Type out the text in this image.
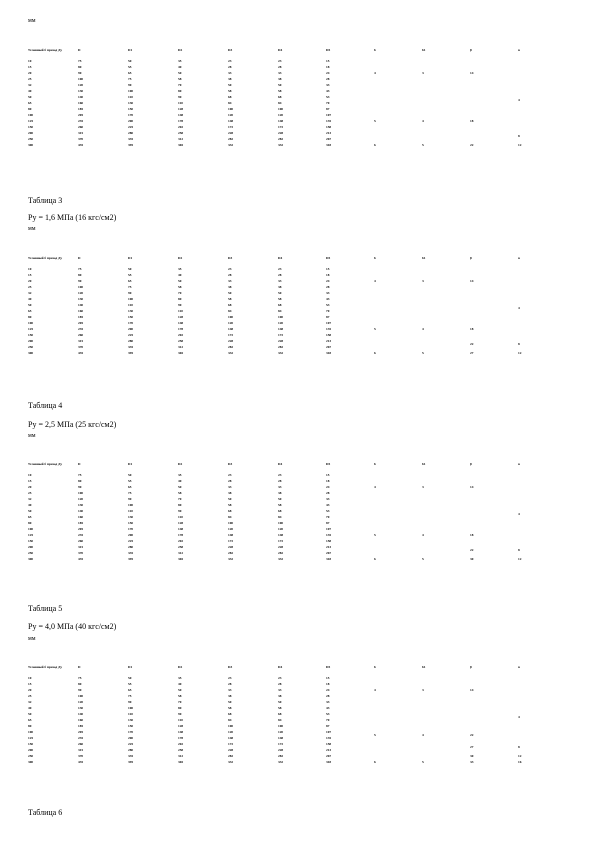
мм
Условный б проход Ду	D	D1	D2	D3	D4	D5	b	b1	β	n
10	75	50	35	23	23	15	4	3	14	
15	80	55	40	28	28	18				
20	90	65	50	33	33	24				
25	100	75	58	38	38	28				
32	120	90	70	50	50	33				
40	130	100	80	58	58	43				4
50	140	110	90	68	68	53				
65	160	130	110	84	84	70				
80	185	150	128	100	100	87				
100	205	170	148	120	120	107	5	4	18	
125	235	200	178	148	148	135				
150	260	225	202	172	172	158				
200	315	280	258	228	228	213				8
250	370	335	312	282	282	267				
300	435	395	365	332	332	318	6	5	22	12
Таблица 3
Ру = 1,6 МПа (16 кгс/см2)
мм
Условный б проход Ду	D	D1	D2	D3	D4	D5	b	b1	β	n
10	75	50	35	23	23	15	4	3	14	
15	80	55	40	28	28	18				
20	90	65	50	33	33	24				
25	100	75	58	38	38	28				
32	120	90	70	50	50	33				
40	130	100	80	58	58	43				4
50	140	110	90	68	68	53				
65	160	130	110	84	84	70				
80	185	150	128	100	100	87				
100	205	170	148	120	120	107	5	4	18	
125	235	200	178	148	148	135				
150	260	225	202	172	172	158				
200	315	280	258	228	228	213			22	8
250	370	335	312	282	282	267				
300	435	395	365	332	332	318	6	5	27	12
Таблица 4
Ру = 2,5 МПа (25 кгс/см2)
мм
Условный б проход Ду	D	D1	D2	D3	D4	D5	b	b1	β	n
10	75	50	35	23	23	15	4	3	14	
15	80	55	40	28	28	18				
20	90	65	50	33	33	24				
25	100	75	58	38	38	28				
32	120	90	70	50	50	33				
40	130	100	80	58	58	43				4
50	140	110	90	68	68	53				
65	160	130	110	84	84	70				
80	185	150	128	100	100	87				
100	205	170	148	120	120	107	5	4	18	
125	235	200	178	148	148	135				
150	260	225	202	172	172	158				
200	315	280	258	228	228	213			22	8
250	370	335	312	282	282	267				
300	435	395	365	332	332	318	6	5	30	12
Таблица 5
Ру = 4,0 МПа (40 кгс/см2)
мм
Условный б проход Ду	D	D1	D2	D3	D4	D5	b	b1	β	n
10	75	50	35	23	23	15	4	3	14	
15	80	55	40	28	28	18				
20	90	65	50	33	33	24				
25	100	75	58	38	38	28				
32	120	90	70	50	50	33				
40	130	100	80	58	58	43				4
50	140	110	90	68	68	53				
65	160	130	110	84	84	70				
80	185	150	128	100	100	87				
100	205	170	148	120	120	107	5	4	22	
125	235	200	178	148	148	135				
150	260	225	202	172	172	158			27	8
200	315	280	258	228	228	213				
250	370	335	312	282	282	267			30	12
300	435	395	365	332	332	318	6	5	33	16
Таблица 6
